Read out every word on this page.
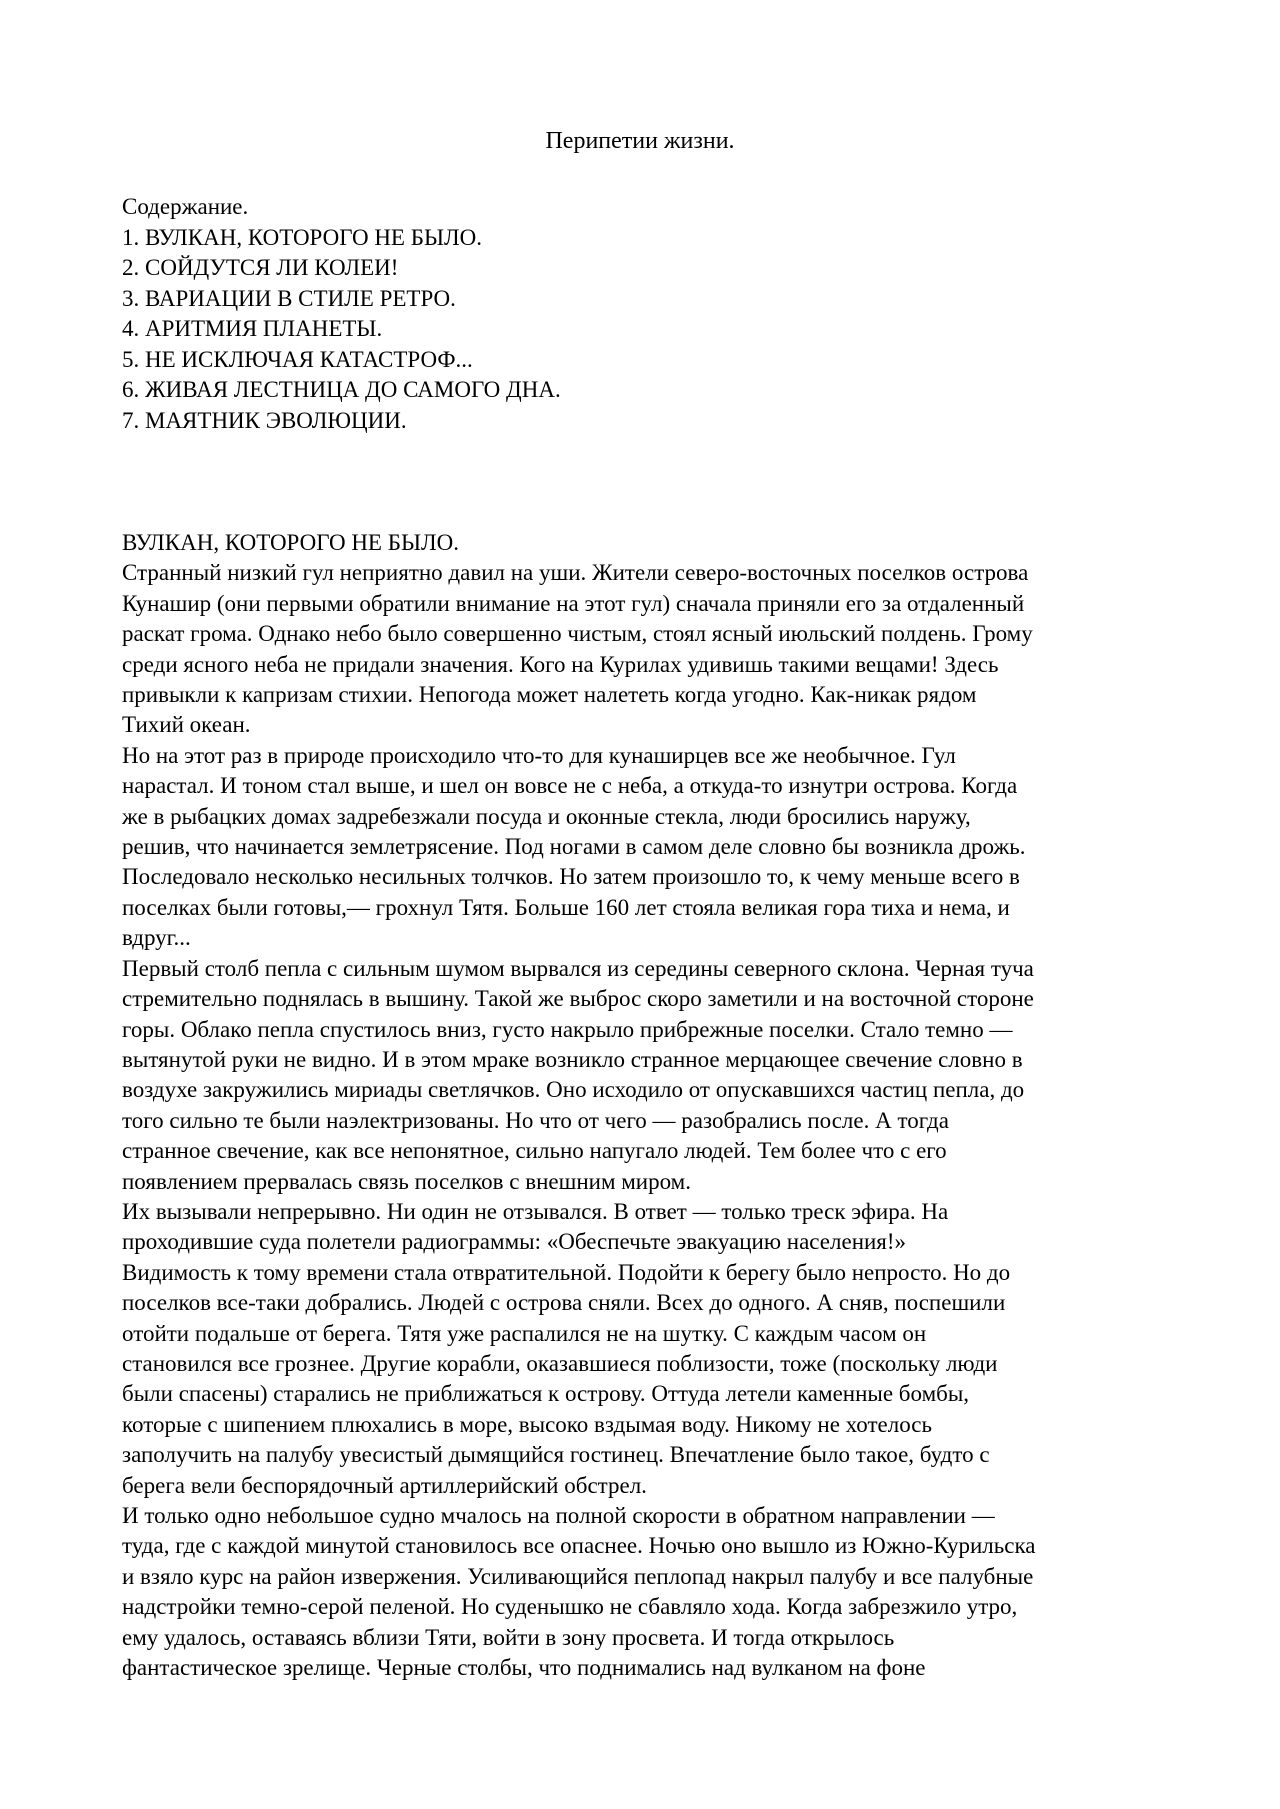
Перипетии жизни.
Содержание.
1. ВУЛКАН, КОТОРОГО НЕ БЫЛО.
2. СОЙДУТСЯ ЛИ КОЛЕИ!
3. ВАРИАЦИИ В СТИЛЕ РЕТРО.
4. АРИТМИЯ ПЛАНЕТЫ.
5. НЕ ИСКЛЮЧАЯ КАТАСТРОФ...
6. ЖИВАЯ ЛЕСТНИЦА ДО САМОГО ДНА.
7. МАЯТНИК ЭВОЛЮЦИИ.
ВУЛКАН, КОТОРОГО НЕ БЫЛО.

Странный низкий гул неприятно давил на уши. Жители северо-восточных поселков острова
Кунашир (они первыми обратили внимание на этот гул) сначала приняли его за отдаленный
раскат грома. Однако небо было совершенно чистым, стоял ясный июльский полдень. Грому
среди ясного неба не придали значения. Кого на Курилах удивишь такими вещами! Здесь
привыкли к капризам стихии. Непогода может налететь когда угодно. Как-никак рядом
Тихий океан.

Но на этот раз в природе происходило что-то для кунаширцев все же необычное. Гул
нарастал. И тоном стал выше, и шел он вовсе не с неба, а откуда-то изнутри острова. Когда
же в рыбацких домах задребезжали посуда и оконные стекла, люди бросились наружу,
решив, что начинается землетрясение. Под ногами в самом деле словно бы возникла дрожь.
Последовало несколько несильных толчков. Но затем произошло то, к чему меньше всего в
поселках были готовы,— грохнул Тятя. Больше 160 лет стояла великая гора тиха и нема, и
вдруг...

Первый столб пепла с сильным шумом вырвался из середины северного склона. Черная туча
стремительно поднялась в вышину. Такой же выброс скоро заметили и на восточной стороне
горы. Облако пепла спустилось вниз, густо накрыло прибрежные поселки. Стало темно —
вытянутой руки не видно. И в этом мраке возникло странное мерцающее свечение словно в
воздухе закружились мириады светлячков. Оно исходило от опускавшихся частиц пепла, до
того сильно те были наэлектризованы. Но что от чего — разобрались после. А тогда
странное свечение, как все непонятное, сильно напугало людей. Тем более что с его
появлением прервалась связь поселков с внешним миром.

Их вызывали непрерывно. Ни один не отзывался. В ответ — только треск эфира. На
проходившие суда полетели радиограммы: «Обеспечьте эвакуацию населения!»

Видимость к тому времени стала отвратительной. Подойти к берегу было непросто. Но до
поселков все-таки добрались. Людей с острова сняли. Всех до одного. А сняв, поспешили
отойти подальше от берега. Тятя уже распалился не на шутку. С каждым часом он
становился все грознее. Другие корабли, оказавшиеся поблизости, тоже (поскольку люди
были спасены) старались не приближаться к острову. Оттуда летели каменные бомбы,
которые с шипением плюхались в море, высоко вздымая воду. Никому не хотелось
заполучить на палубу увесистый дымящийся гостинец. Впечатление было такое, будто с
берега вели беспорядочный артиллерийский обстрел.

И только одно небольшое судно мчалось на полной скорости в обратном направлении —
туда, где с каждой минутой становилось все опаснее. Ночью оно вышло из Южно-Курильска
и взяло курс на район извержения. Усиливающийся пеплопад накрыл палубу и все палубные
надстройки темно-серой пеленой. Но суденышко не сбавляло хода. Когда забрезжило утро,
ему удалось, оставаясь вблизи Тяти, войти в зону просвета. И тогда открылось
фантастическое зрелище. Черные столбы, что поднимались над вулканом на фоне
